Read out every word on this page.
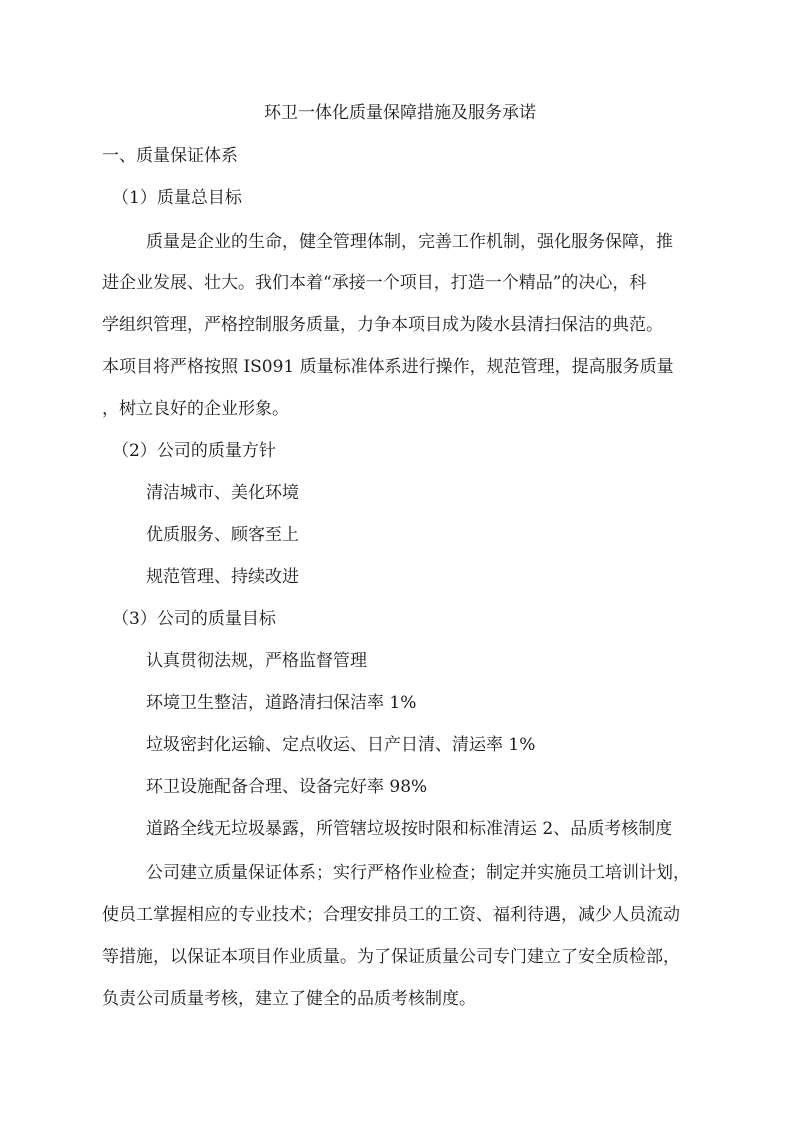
环卫一体化质量保障措施及服务承诺
一、质量保证体系
（1）质量总目标
质量是企业的生命，健全管理体制，完善工作机制，强化服务保障，推
进企业发展、壮大。我们本着“承接一个项目，打造一个精品”的决心，科
学组织管理，严格控制服务质量，力争本项目成为陵水县清扫保洁的典范。
本项目将严格按照 IS091 质量标准体系进行操作，规范管理，提高服务质量
，树立良好的企业形象。
（2）公司的质量方针
清洁城市、美化环境
优质服务、顾客至上
规范管理、持续改进
（3）公司的质量目标
认真贯彻法规，严格监督管理
环境卫生整洁，道路清扫保洁率 1%
垃圾密封化运输、定点收运、日产日清、清运率 1%
环卫设施配备合理、设备完好率 98%
道路全线无垃圾暴露，所管辖垃圾按时限和标准清运 2、品质考核制度
公司建立质量保证体系；实行严格作业检查；制定并实施员工培训计划，
使员工掌握相应的专业技术；合理安排员工的工资、福利待遇，减少人员流动
等措施，以保证本项目作业质量。为了保证质量公司专门建立了安全质检部，
负责公司质量考核，建立了健全的品质考核制度。
